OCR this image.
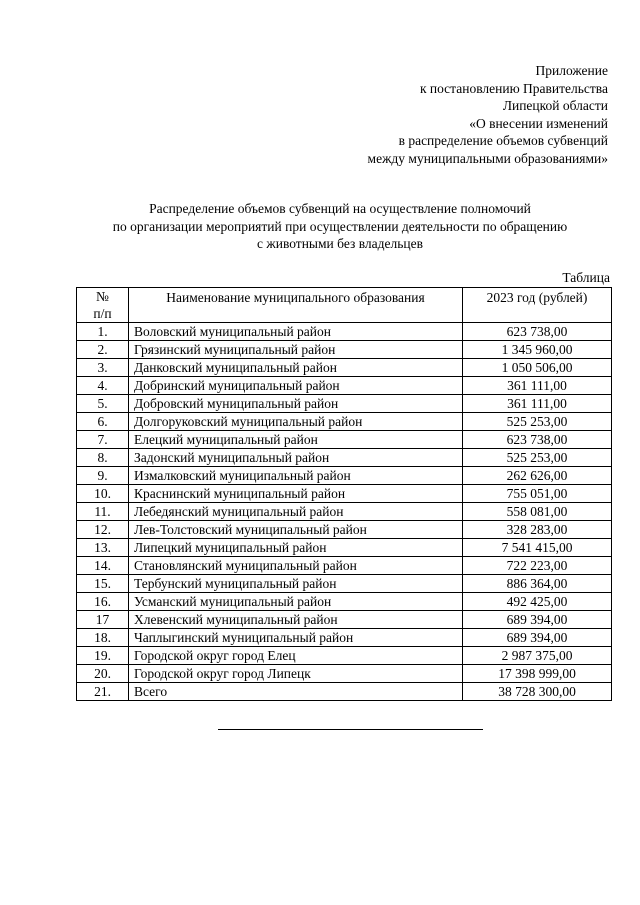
Приложение
к постановлению Правительства
Липецкой области
«О внесении изменений
в распределение объемов субвенций
между муниципальными образованиями»
Распределение объемов субвенций на осуществление полномочий
по организации мероприятий при осуществлении деятельности по обращению
с животными без владельцев
Таблица
№
п/п	Наименование муниципального образования	2023 год (рублей)
1.	Воловский муниципальный район	623 738,00
2.	Грязинский муниципальный район	1 345 960,00
3.	Данковский муниципальный район	1 050 506,00
4.	Добринский муниципальный район	361 111,00
5.	Добровский муниципальный район	361 111,00
6.	Долгоруковский муниципальный район	525 253,00
7.	Елецкий муниципальный район	623 738,00
8.	Задонский муниципальный район	525 253,00
9.	Измалковский муниципальный район	262 626,00
10.	Краснинский муниципальный район	755 051,00
11.	Лебедянский муниципальный район	558 081,00
12.	Лев-Толстовский муниципальный район	328 283,00
13.	Липецкий муниципальный район	7 541 415,00
14.	Становлянский муниципальный район	722 223,00
15.	Тербунский муниципальный район	886 364,00
16.	Усманский муниципальный район	492 425,00
17	Хлевенский муниципальный район	689 394,00
18.	Чаплыгинский муниципальный район	689 394,00
19.	Городской округ город Елец	2 987 375,00
20.	Городской округ город Липецк	17 398 999,00
21.	Всего	38 728 300,00
